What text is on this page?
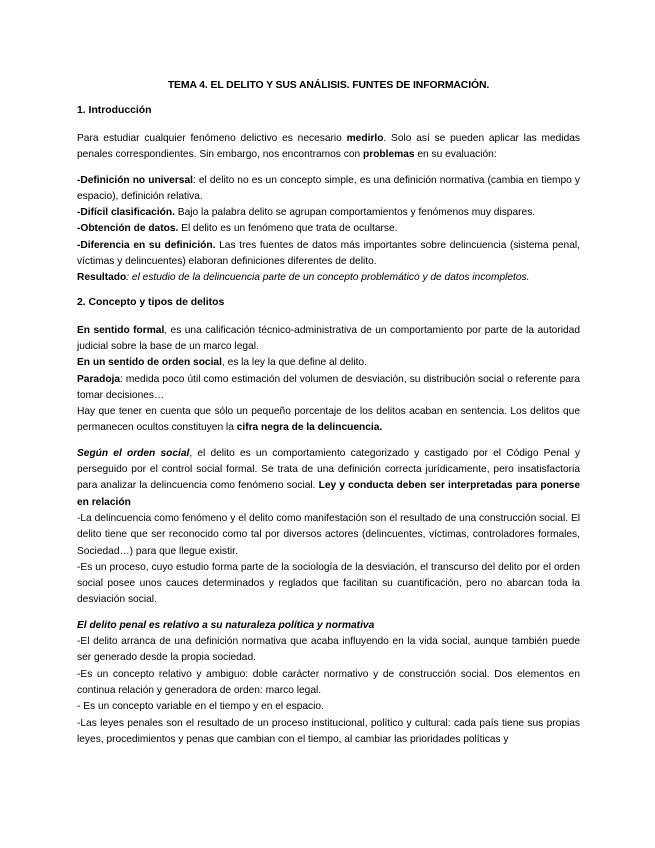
TEMA 4. EL DELITO Y SUS ANÁLISIS. FUNTES DE INFORMACIÓN.
1. Introducción

Para estudiar cualquier fenómeno delictivo es necesario medirlo. Solo así se pueden aplicar las medidas penales correspondientes. Sin embargo, nos encontramos con problemas en su evaluación:

-Definición no universal: el delito no es un concepto simple, es una definición normativa (cambia en tiempo y espacio), definición relativa.

-Difícil clasificación. Bajo la palabra delito se agrupan comportamientos y fenómenos muy dispares.

-Obtención de datos. El delito es un fenómeno que trata de ocultarse.

-Diferencia en su definición. Las tres fuentes de datos más importantes sobre delincuencia (sistema penal, víctimas y delincuentes) elaboran definiciones diferentes de delito.

Resultado: el estudio de la delincuencia parte de un concepto problemático y de datos incompletos.

2. Concepto y tipos de delitos

En sentido formal, es una calificación técnico-administrativa de un comportamiento por parte de la autoridad judicial sobre la base de un marco legal.

En un sentido de orden social, es la ley la que define al delito.

Paradoja: medida poco útil como estimación del volumen de desviación, su distribución social o referente para tomar decisiones…

Hay que tener en cuenta que sólo un pequeño porcentaje de los delitos acaban en sentencia. Los delitos que permanecen ocultos constituyen la cifra negra de la delincuencia.

Según el orden social, el delito es un comportamiento categorizado y castigado por el Código Penal y perseguido por el control social formal. Se trata de una definición correcta jurídicamente, pero insatisfactoria para analizar la delincuencia como fenómeno social. Ley y conducta deben ser interpretadas para ponerse en relación

-La delincuencia como fenómeno y el delito como manifestación son el resultado de una construcción social. El delito tiene que ser reconocido como tal por diversos actores (delincuentes, víctimas, controladores formales, Sociedad…) para que llegue existir.

-Es un proceso, cuyo estudio forma parte de la sociología de la desviación, el transcurso del delito por el orden social posee unos cauces determinados y reglados que facilitan su cuantificación, pero no abarcan toda la desviación social.

El delito penal es relativo a su naturaleza política y normativa

-El delito arranca de una definición normativa que acaba influyendo en la vida social, aunque también puede ser generado desde la propia sociedad.

-Es un concepto relativo y ambiguo: doble carácter normativo y de construcción social. Dos elementos en continua relación y generadora de orden: marco legal.

- Es un concepto variable en el tiempo y en el espacio.

-Las leyes penales son el resultado de un proceso institucional, político y cultural: cada país tiene sus propias leyes, procedimientos y penas que cambian con el tiempo, al cambiar las prioridades políticas y
